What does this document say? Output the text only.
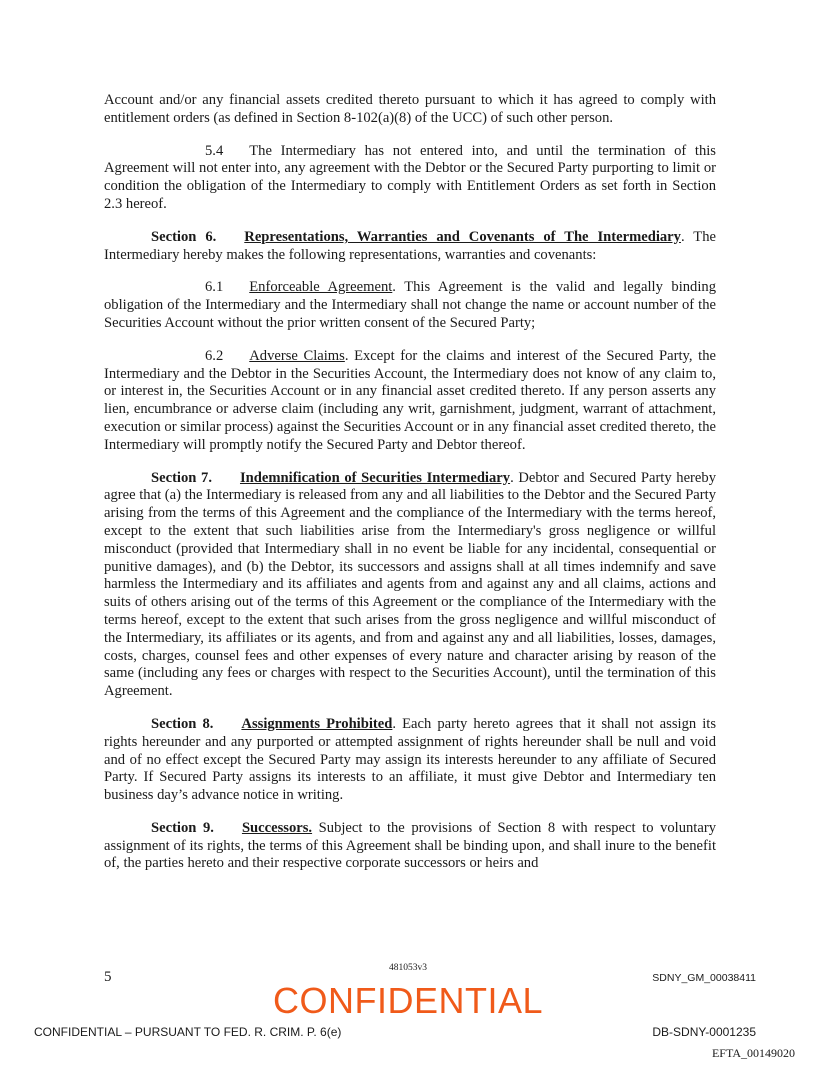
Account and/or any financial assets credited thereto pursuant to which it has agreed to comply with entitlement orders (as defined in Section 8-102(a)(8) of the UCC) of such other person.

5.4 The Intermediary has not entered into, and until the termination of this Agreement will not enter into, any agreement with the Debtor or the Secured Party purporting to limit or condition the obligation of the Intermediary to comply with Entitlement Orders as set forth in Section 2.3 hereof.

Section 6. Representations, Warranties and Covenants of The Intermediary. The Intermediary hereby makes the following representations, warranties and covenants:

6.1 Enforceable Agreement. This Agreement is the valid and legally binding obligation of the Intermediary and the Intermediary shall not change the name or account number of the Securities Account without the prior written consent of the Secured Party;

6.2 Adverse Claims. Except for the claims and interest of the Secured Party, the Intermediary and the Debtor in the Securities Account, the Intermediary does not know of any claim to, or interest in, the Securities Account or in any financial asset credited thereto. If any person asserts any lien, encumbrance or adverse claim (including any writ, garnishment, judgment, warrant of attachment, execution or similar process) against the Securities Account or in any financial asset credited thereto, the Intermediary will promptly notify the Secured Party and Debtor thereof.

Section 7. Indemnification of Securities Intermediary. Debtor and Secured Party hereby agree that (a) the Intermediary is released from any and all liabilities to the Debtor and the Secured Party arising from the terms of this Agreement and the compliance of the Intermediary with the terms hereof, except to the extent that such liabilities arise from the Intermediary's gross negligence or willful misconduct (provided that Intermediary shall in no event be liable for any incidental, consequential or punitive damages), and (b) the Debtor, its successors and assigns shall at all times indemnify and save harmless the Intermediary and its affiliates and agents from and against any and all claims, actions and suits of others arising out of the terms of this Agreement or the compliance of the Intermediary with the terms hereof, except to the extent that such arises from the gross negligence and willful misconduct of the Intermediary, its affiliates or its agents, and from and against any and all liabilities, losses, damages, costs, charges, counsel fees and other expenses of every nature and character arising by reason of the same (including any fees or charges with respect to the Securities Account), until the termination of this Agreement.

Section 8. Assignments Prohibited. Each party hereto agrees that it shall not assign its rights hereunder and any purported or attempted assignment of rights hereunder shall be null and void and of no effect except the Secured Party may assign its interests hereunder to any affiliate of Secured Party. If Secured Party assigns its interests to an affiliate, it must give Debtor and Intermediary ten business day’s advance notice in writing.

Section 9. Successors. Subject to the provisions of Section 8 with respect to voluntary assignment of its rights, the terms of this Agreement shall be binding upon, and shall inure to the benefit of, the parties hereto and their respective corporate successors or heirs and

5
481053v3
SDNY_GM_00038411
CONFIDENTIAL
CONFIDENTIAL – PURSUANT TO FED. R. CRIM. P. 6(e)	DB-SDNY-0001235
EFTA_00149020
